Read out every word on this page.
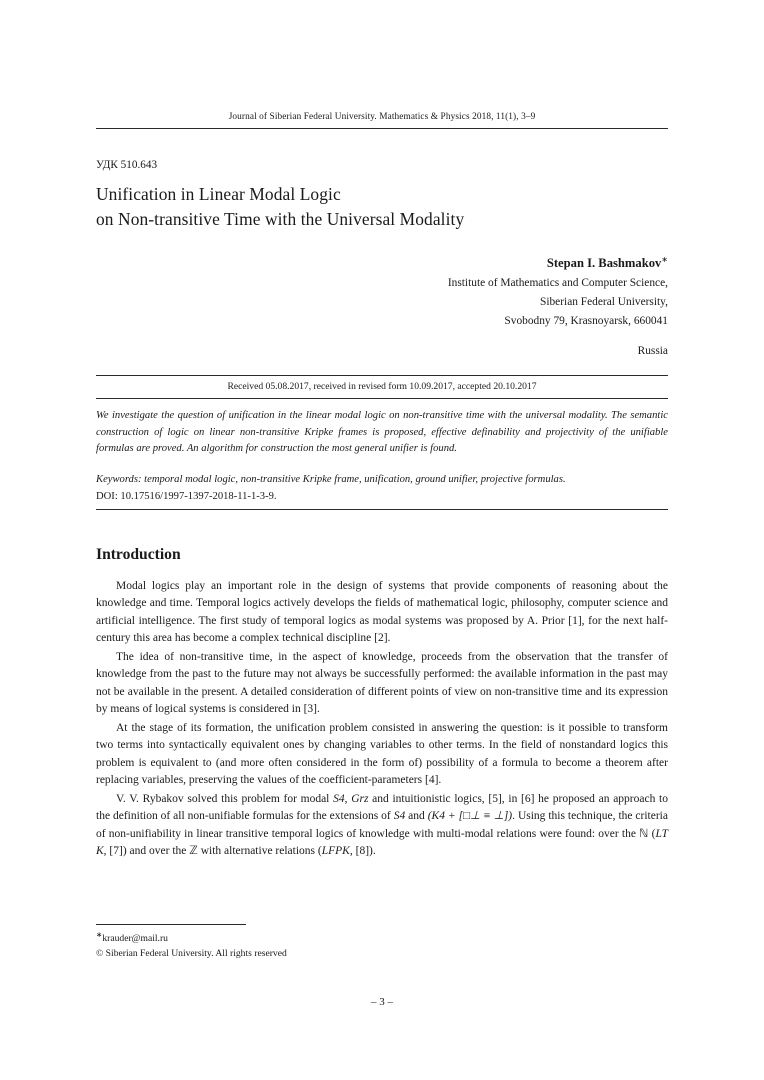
Journal of Siberian Federal University. Mathematics & Physics 2018, 11(1), 3–9
УДК 510.643
Unification in Linear Modal Logic
on Non-transitive Time with the Universal Modality
Stepan I. Bashmakov∗
Institute of Mathematics and Computer Science,
Siberian Federal University,
Svobodny 79, Krasnoyarsk, 660041
Russia
Received 05.08.2017, received in revised form 10.09.2017, accepted 20.10.2017

We investigate the question of unification in the linear modal logic on non-transitive time with the universal modality. The semantic construction of logic on linear non-transitive Kripke frames is proposed, effective definability and projectivity of the unifiable formulas are proved. An algorithm for construction the most general unifier is found.

Keywords: temporal modal logic, non-transitive Kripke frame, unification, ground unifier, projective formulas.

DOI: 10.17516/1997-1397-2018-11-1-3-9.

Introduction

Modal logics play an important role in the design of systems that provide components of reasoning about the knowledge and time. Temporal logics actively develops the fields of mathematical logic, philosophy, computer science and artificial intelligence. The first study of temporal logics as modal systems was proposed by A. Prior [1], for the next half-century this area has become a complex technical discipline [2].

The idea of non-transitive time, in the aspect of knowledge, proceeds from the observation that the transfer of knowledge from the past to the future may not always be successfully performed: the available information in the past may not be available in the present. A detailed consideration of different points of view on non-transitive time and its expression by means of logical systems is considered in [3].

At the stage of its formation, the unification problem consisted in answering the question: is it possible to transform two terms into syntactically equivalent ones by changing variables to other terms. In the field of nonstandard logics this problem is equivalent to (and more often considered in the form of) possibility of a formula to become a theorem after replacing variables, preserving the values of the coefficient-parameters [4].

V. V. Rybakov solved this problem for modal S4, Grz and intuitionistic logics, [5], in [6] he proposed an approach to the definition of all non-unifiable formulas for the extensions of S4 and (K4 + [□⊥ ≡ ⊥]). Using this technique, the criteria of non-unifiability in linear transitive temporal logics of knowledge with multi-modal relations were found: over the ℕ (LT K, [7]) and over the ℤ with alternative relations (LFPK, [8]).

∗krauder@mail.ru
© Siberian Federal University. All rights reserved
– 3 –
